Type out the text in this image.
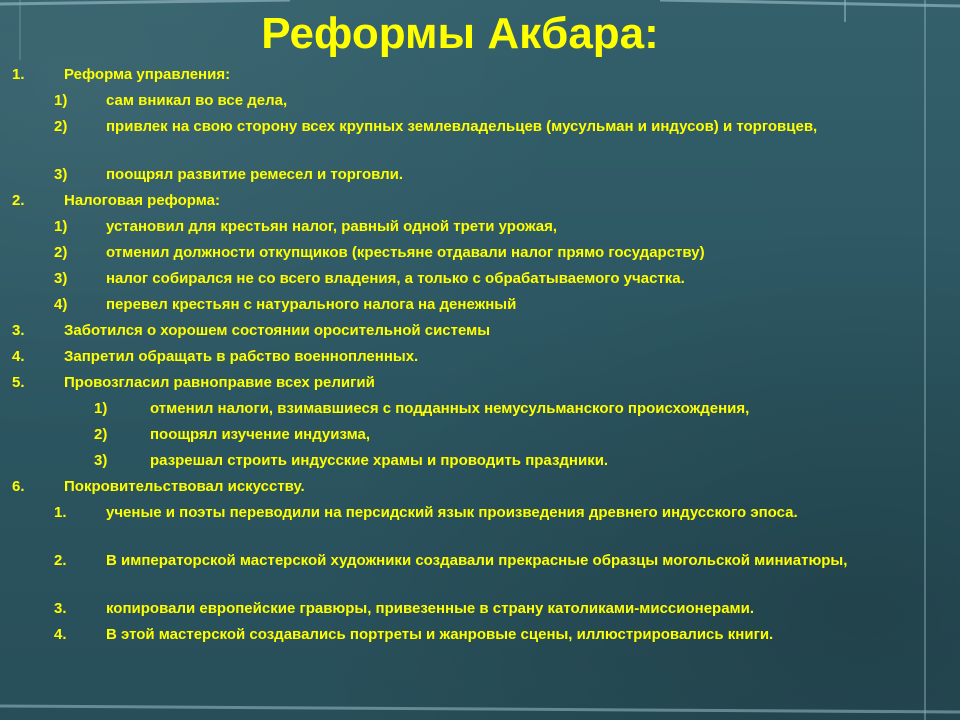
Реформы Акбара:
1.	Реформа управления:
1)	сам вникал во все дела,
2)	привлек на свою сторону всех крупных землевладельцев (мусульман и индусов) и торговцев,
3)	поощрял развитие ремесел и торговли.
2.	Налоговая реформа:
1)	установил для крестьян налог, равный одной трети урожая,
2)	отменил должности откупщиков (крестьяне отдавали налог прямо государству)
3)	налог собирался не со всего владения, а только с обрабатываемого участка.
4)	перевел крестьян с натурального налога на денежный
3.	Заботился о хорошем состоянии оросительной системы
4.	Запретил обращать в рабство военнопленных.
5.	Провозгласил равноправие всех религий
1)	отменил налоги, взимавшиеся с подданных немусульманского происхождения,
2)	поощрял изучение индуизма,
3)	разрешал строить индусские храмы и проводить праздники.
6.	Покровительствовал искусству.
1.	ученые и поэты переводили на персидский язык произведения древнего индусского эпоса.
2.	В императорской мастерской художники создавали прекрасные образцы могольской миниатюры,
3.	копировали европейские гравюры, привезенные в страну католиками-миссионерами.
4.	В этой мастерской создавались портреты и жанровые сцены, иллюстрировались книги.
